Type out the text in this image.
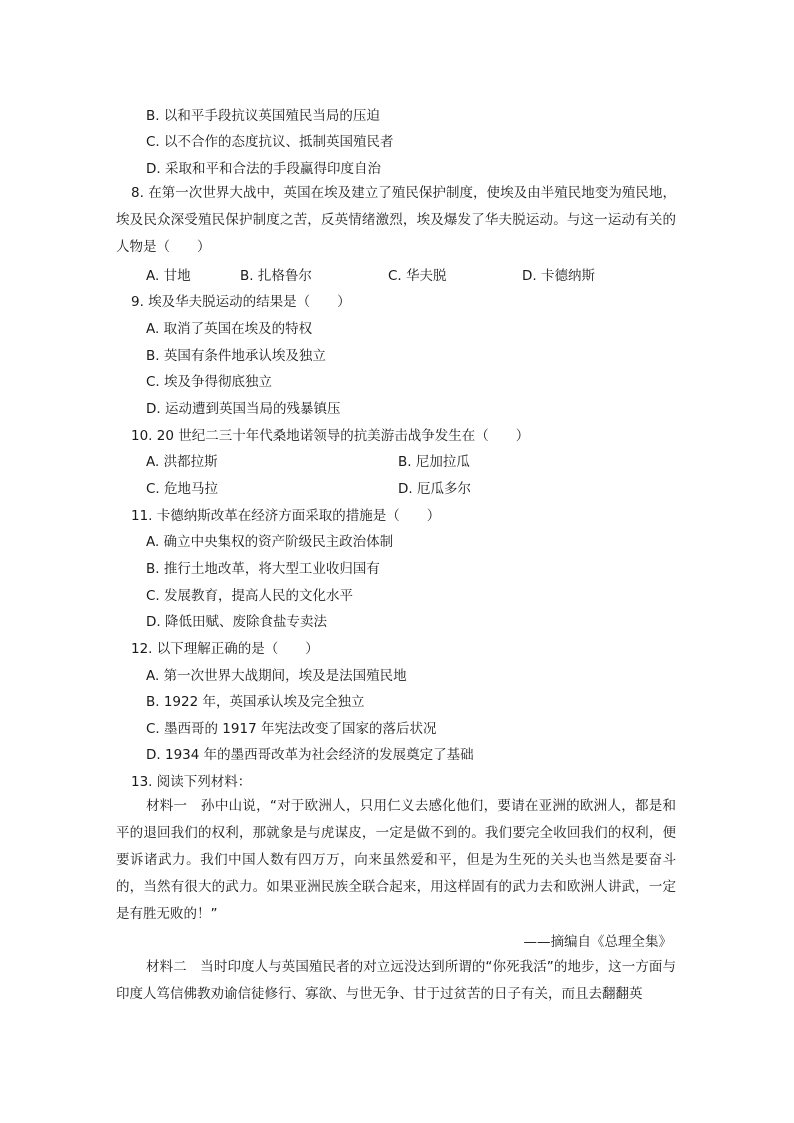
B. 以和平手段抗议英国殖民当局的压迫
C. 以不合作的态度抗议、抵制英国殖民者
D. 采取和平和合法的手段赢得印度自治
8. 在第一次世界大战中，英国在埃及建立了殖民保护制度，使埃及由半殖民地变为殖民地，埃及民众深受殖民保护制度之苦，反英情绪激烈，埃及爆发了华夫脱运动。与这一运动有关的人物是（　　）
A. 甘地	B. 扎格鲁尔	C. 华夫脱	D. 卡德纳斯
9. 埃及华夫脱运动的结果是（　　）
A. 取消了英国在埃及的特权
B. 英国有条件地承认埃及独立
C. 埃及争得彻底独立
D. 运动遭到英国当局的残暴镇压
10. 20 世纪二三十年代桑地诺领导的抗美游击战争发生在（　　）
A. 洪都拉斯	B. 尼加拉瓜
C. 危地马拉	D. 厄瓜多尔
11. 卡德纳斯改革在经济方面采取的措施是（　　）
A. 确立中央集权的资产阶级民主政治体制
B. 推行土地改革，将大型工业收归国有
C. 发展教育，提高人民的文化水平
D. 降低田赋、废除食盐专卖法
12. 以下理解正确的是（　　）
A. 第一次世界大战期间，埃及是法国殖民地
B. 1922 年，英国承认埃及完全独立
C. 墨西哥的 1917 年宪法改变了国家的落后状况
D. 1934 年的墨西哥改革为社会经济的发展奠定了基础
13. 阅读下列材料：
材料一　孙中山说，“对于欧洲人，只用仁义去感化他们，要请在亚洲的欧洲人，都是和平的退回我们的权利，那就象是与虎谋皮，一定是做不到的。我们要完全收回我们的权利，便要诉诸武力。我们中国人数有四万万，向来虽然爱和平，但是为生死的关头也当然是要奋斗的，当然有很大的武力。如果亚洲民族全联合起来，用这样固有的武力去和欧洲人讲武，一定是有胜无败的！”
——摘编自《总理全集》
材料二　当时印度人与英国殖民者的对立远没达到所谓的“你死我活”的地步，这一方面与印度人笃信佛教劝谕信徒修行、寡欲、与世无争、甘于过贫苦的日子有关，而且去翻翻英
